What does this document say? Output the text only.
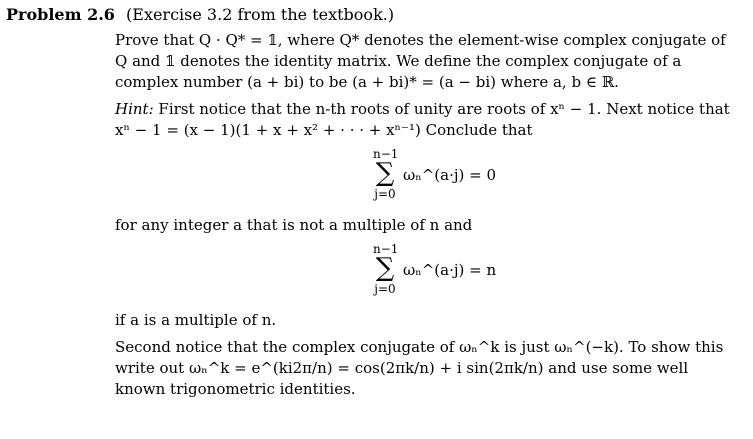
Problem 2.6 (Exercise 3.2 from the textbook.)

Prove that Q · Q* = 𝟙, where Q* denotes the element-wise complex conjugate of Q and 𝟙 denotes the identity matrix. We define the complex conjugate of a complex number (a + bi) to be (a + bi)* = (a − bi) where a, b ∈ ℝ.

Hint: First notice that the n-th roots of unity are roots of xⁿ − 1. Next notice that xⁿ − 1 = (x − 1)(1 + x + x² + · · · + xⁿ⁻¹) Conclude that

n−1
∑
j=0
ωₙ^(a·j) = 0

for any integer a that is not a multiple of n and

n−1
∑
j=0
ωₙ^(a·j) = n

if a is a multiple of n.

Second notice that the complex conjugate of ωₙ^k is just ωₙ^(−k). To show this write out ωₙ^k = e^(ki2π/n) = cos(2πk/n) + i sin(2πk/n) and use some well known trigonometric identities.
